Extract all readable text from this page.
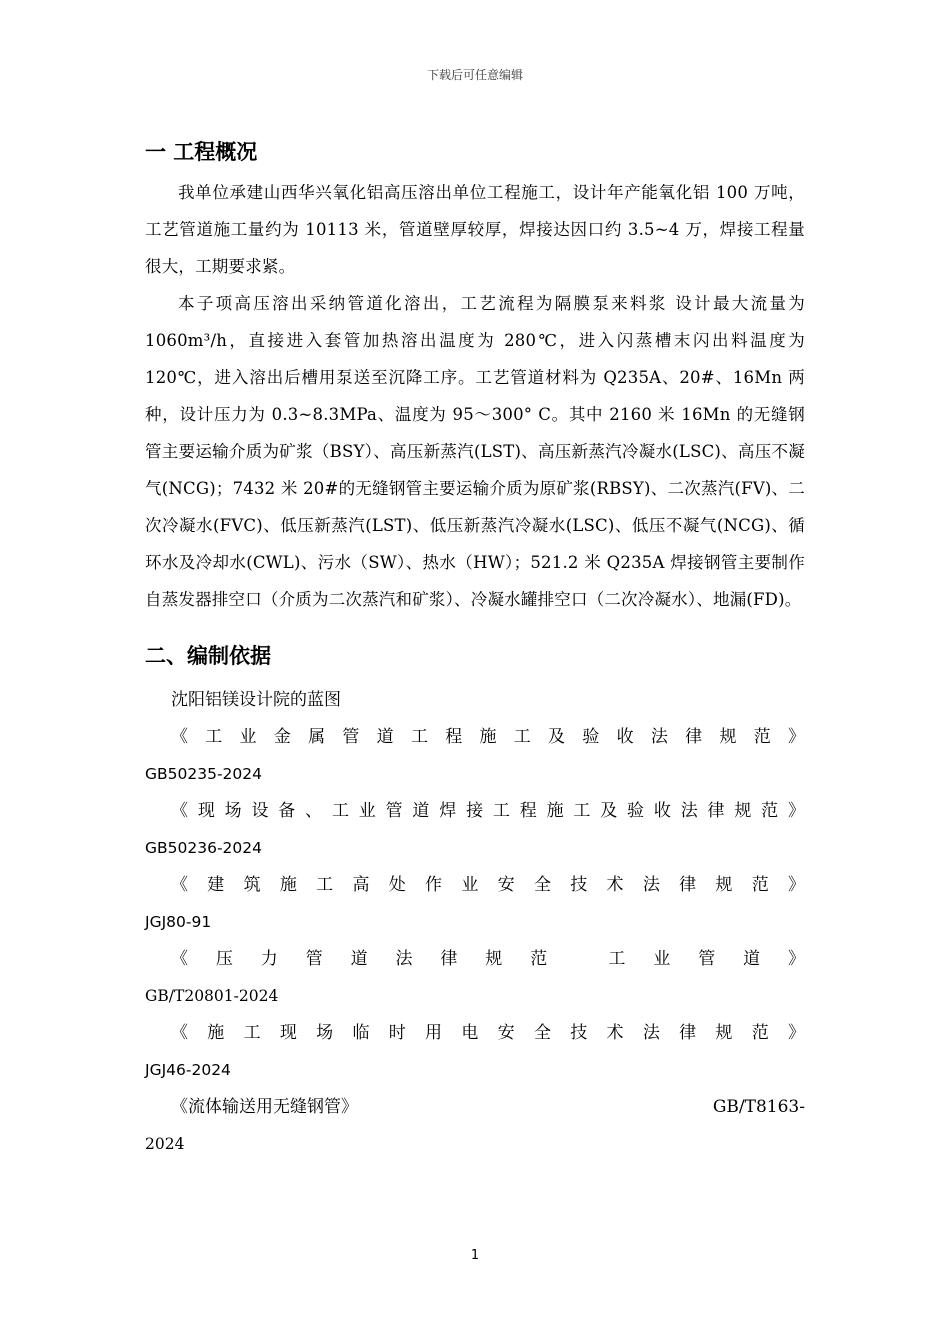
下载后可任意编辑
一 工程概况

我单位承建山西华兴氧化铝高压溶出单位工程施工，设计年产能氧化铝 100 万吨，工艺管道施工量约为 10113 米，管道壁厚较厚，焊接达因口约 3.5~4 万，焊接工程量很大，工期要求紧。

本子项高压溶出采纳管道化溶出，工艺流程为隔膜泵来料浆 设计最大流量为 1060m³/h，直接进入套管加热溶出温度为 280℃，进入闪蒸槽末闪出料温度为 120℃，进入溶出后槽用泵送至沉降工序。工艺管道材料为 Q235A、20#、16Mn 两种，设计压力为 0.3~8.3MPa、温度为 95～300° C。其中 2160 米 16Mn 的无缝钢管主要运输介质为矿浆（BSY）、高压新蒸汽(LST)、高压新蒸汽冷凝水(LSC)、高压不凝气(NCG)；7432 米 20#的无缝钢管主要运输介质为原矿浆(RBSY)、二次蒸汽(FV)、二次冷凝水(FVC)、低压新蒸汽(LST)、低压新蒸汽冷凝水(LSC)、低压不凝气(NCG)、循环水及冷却水(CWL)、污水（SW）、热水（HW）；521.2 米 Q235A 焊接钢管主要制作自蒸发器排空口（介质为二次蒸汽和矿浆）、冷凝水罐排空口（二次冷凝水）、地漏(FD)。

二、编制依据
沈阳铝镁设计院的蓝图
《工业金属管道工程施工及验收法律规范》
GB50235-2024
《现场设备、工业管道焊接工程施工及验收法律规范》
GB50236-2024
《建筑施工高处作业安全技术法律规范》
JGJ80-91
《压力管道法律规范 工业管道》
GB/T20801-2024
《施工现场临时用电安全技术法律规范》
JGJ46-2024
《流体输送用无缝钢管》	GB/T8163-
2024
1
